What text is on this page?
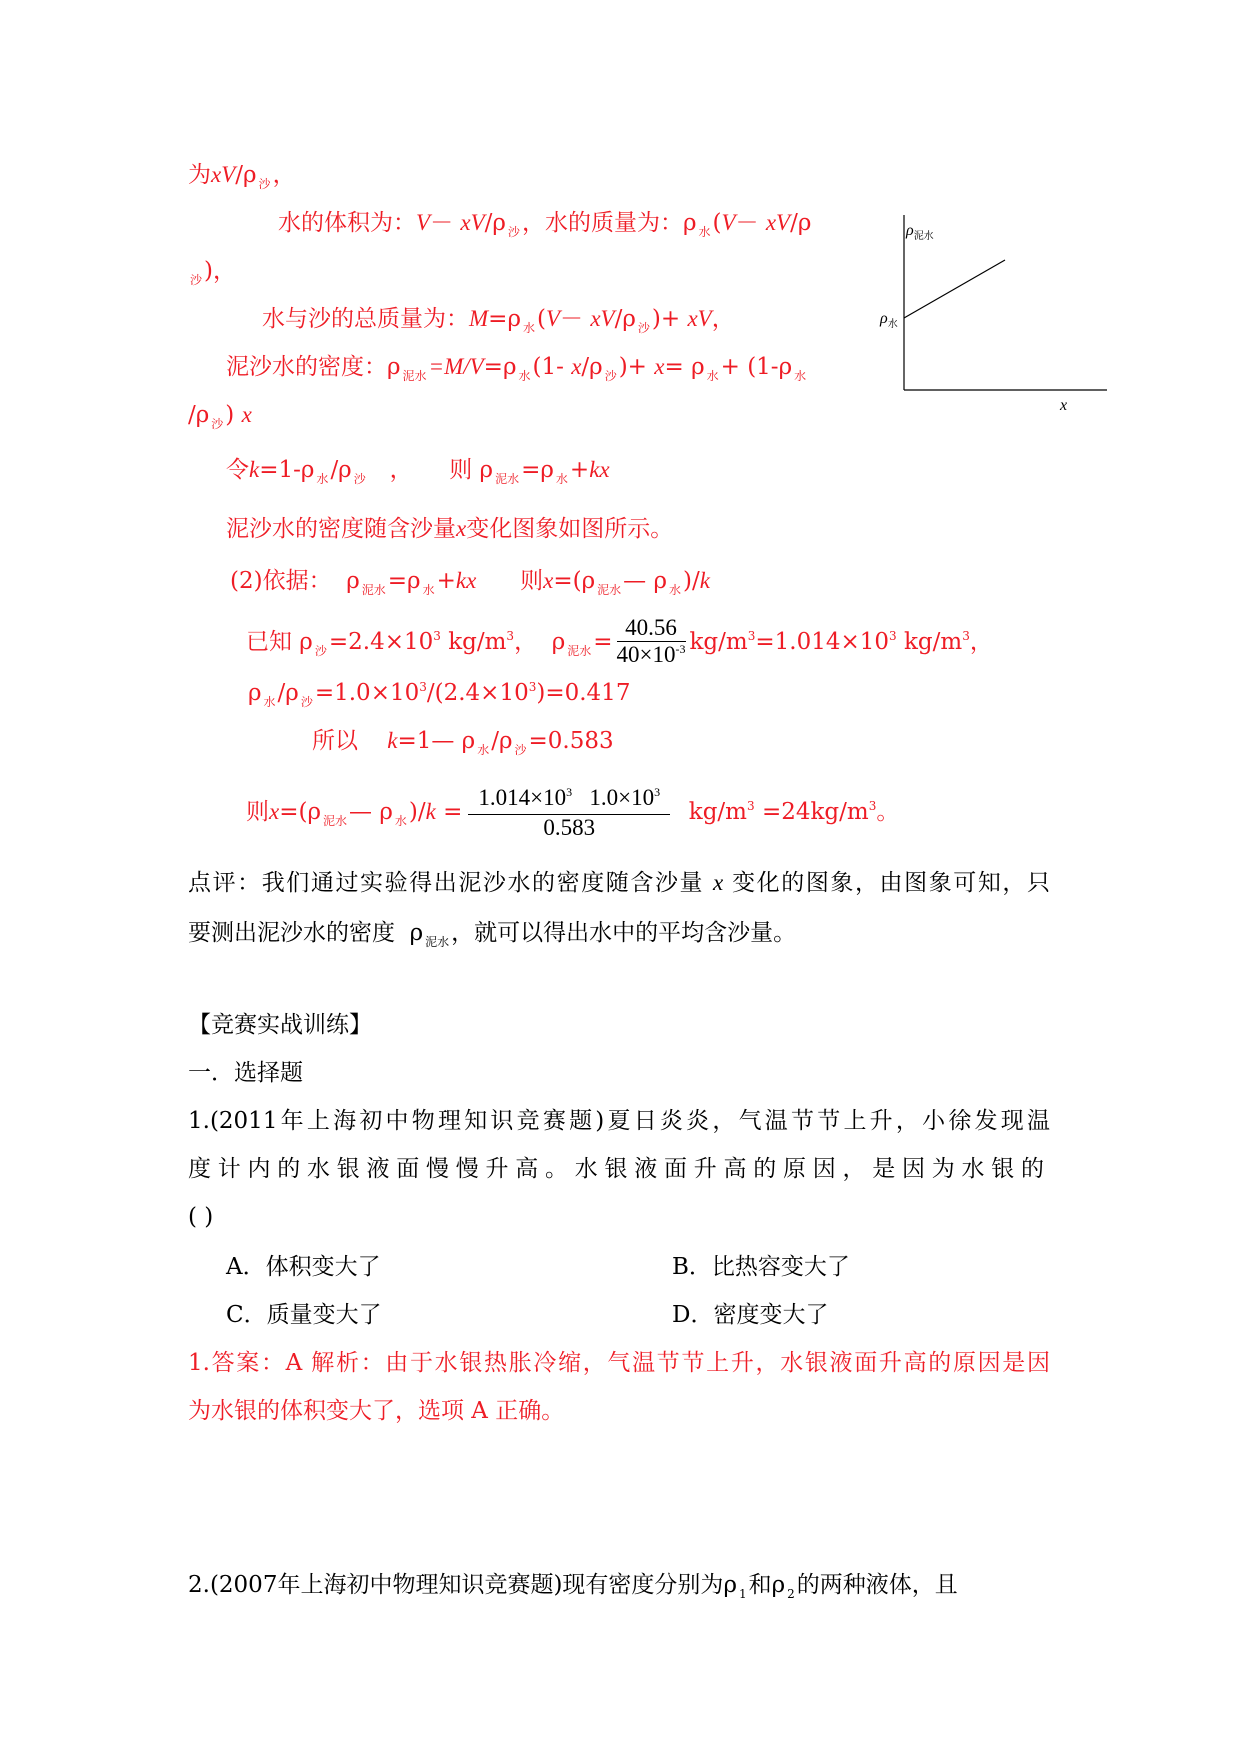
为xV/ρ $_沙$，
水的体积为：V－ xV/ρ $_沙$，水的质量为：ρ $_水$(V－ xV/ρ
$_沙$)，
水与沙的总质量为：M=ρ $_水$(V－ xV/ρ $_沙$)+ xV，
泥沙水的密度：ρ $_{泥水}$=M/V=ρ $_水$(1- x/ρ $_沙$)+ x= ρ $_水$+ (1-ρ $_水$
/ρ $_沙$) x
令k=1-ρ $_水$/ρ $_沙$ ， 则 ρ $_{泥水}$=ρ $_水$+kx
泥沙水的密度随含沙量x变化图象如图所示。
(2)依据： ρ $_{泥水}$=ρ $_水$+kx 则x=(ρ $_{泥水}$— ρ $_水$)/k
已知 ρ $_沙=2.4\times 10^3$ $kg/m^3$， ρ $_{泥水}= \frac{40.56}{40\times 10^{-3}} kg/m^3=1.014\times 10^3$ $kg/m^3$，
ρ $_水$/ρ $_沙=1.0\times 10^3/(2.4\times 10^3)=0.417$
所以 k=1— ρ $_水$/ρ $_沙$=0.583
则x=(ρ $_{泥水}$— ρ $_水)/k = \frac{1.014\times 10^3 1.0\times 10^3}{0.583} kg/m^3 =24kg/m^3$。
$\rho_{泥水}$
$\rho_水$
x
点评：我们通过实验得出泥沙水的密度随含沙量 x 变化的图象，由图象可知，只
要测出泥沙水的密度 ρ $_{泥水}$，就可以得出水中的平均含沙量。
【竞赛实战训练】
一．选择题
1.(2011年上海初中物理知识竞赛题)夏日炎炎，气温节节上升，小徐发现温
度计内的水银液面慢慢升高。水银液面升高的原因，是因为水银的
( )
A．体积变大了	B．比热容变大了
C．质量变大了	D．密度变大了
1.答案：A 解析：由于水银热胀冷缩，气温节节上升，水银液面升高的原因是因
为水银的体积变大了，选项 A 正确。
2.(2007年上海初中物理知识竞赛题)现有密度分别为ρ $_1$和ρ $_2$的两种液体，且
